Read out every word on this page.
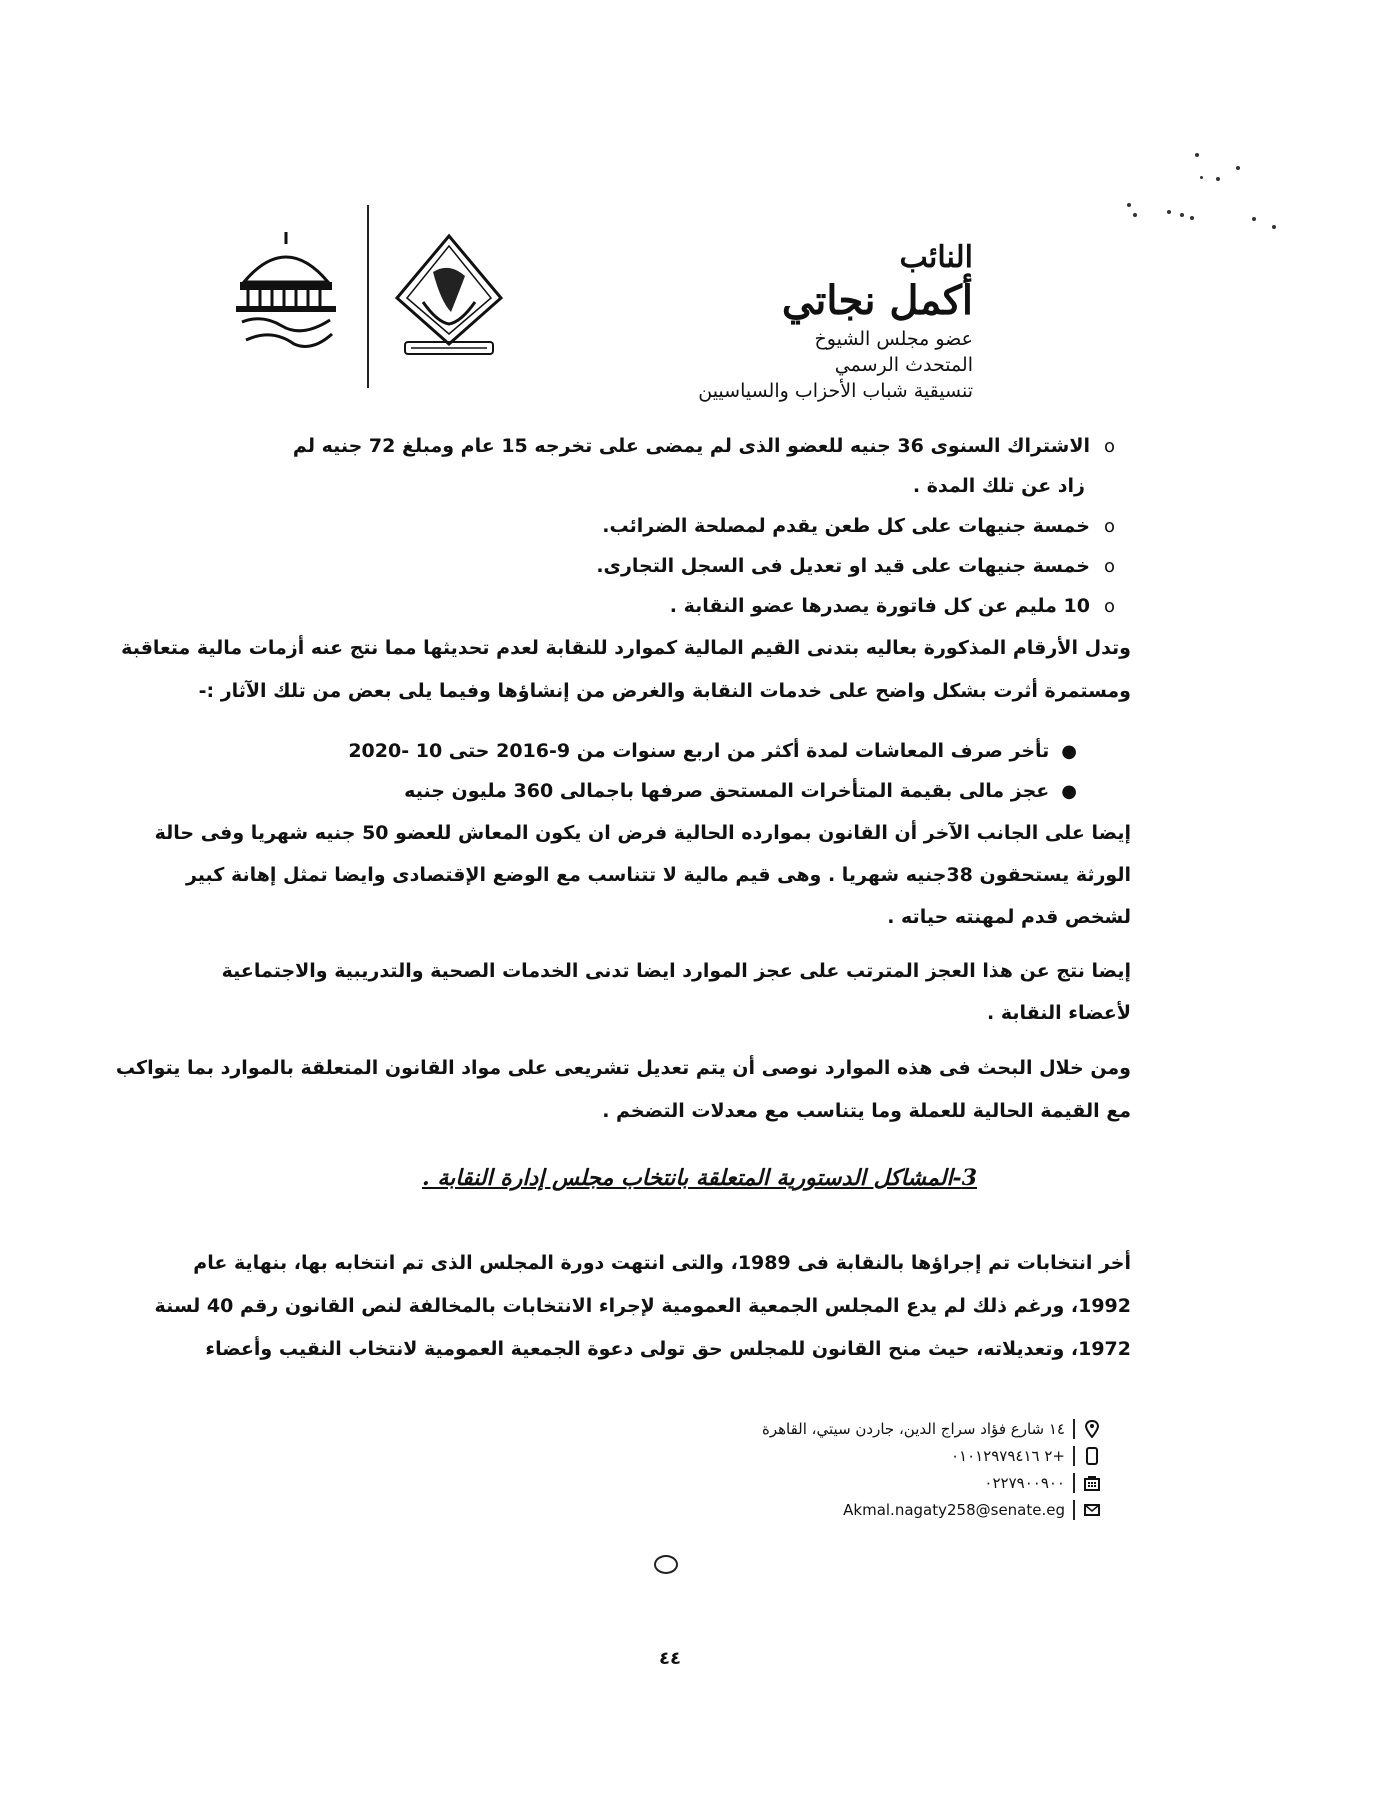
النائب
أكمل نجاتي
عضو مجلس الشيوخ
المتحدث الرسمي
تنسيقية شباب الأحزاب والسياسيين
oالاشتراك السنوى 36 جنيه للعضو الذى لم يمضى على تخرجه 15 عام ومبلغ 72 جنيه لم
زاد عن تلك المدة .
oخمسة جنيهات على كل طعن يقدم لمصلحة الضرائب.
oخمسة جنيهات على قيد او تعديل فى السجل التجارى.
o10 مليم عن كل فاتورة يصدرها عضو النقابة .
وتدل الأرقام المذكورة بعاليه بتدنى القيم المالية كموارد للنقابة لعدم تحديثها مما نتج عنه أزمات مالية متعاقبة
ومستمرة أثرت بشكل واضح على خدمات النقابة والغرض من إنشاؤها وفيما يلى بعض من تلك الآثار :-
●تأخر صرف المعاشات لمدة أكثر من اربع سنوات من 9-2016 حتى 10 -2020
●عجز مالى بقيمة المتأخرات المستحق صرفها باجمالى 360 مليون جنيه
إيضا على الجانب الآخر أن القانون بموارده الحالية فرض ان يكون المعاش للعضو 50 جنيه شهريا وفى حالة
الورثة يستحقون 38جنيه شهريا . وهى قيم مالية لا تتناسب مع الوضع الإقتصادى وايضا تمثل إهانة كبير
لشخص قدم لمهنته حياته .
إيضا نتج عن هذا العجز المترتب على عجز الموارد ايضا تدنى الخدمات الصحية والتدريبية والاجتماعية
لأعضاء النقابة .
ومن خلال البحث فى هذه الموارد نوصى أن يتم تعديل تشريعى على مواد القانون المتعلقة بالموارد بما يتواكب
مع القيمة الحالية للعملة وما يتناسب مع معدلات التضخم .
3-المشاكل الدستورية المتعلقة بانتخاب مجلس إدارة النقابة .
أخر انتخابات تم إجراؤها بالنقابة فى 1989، والتى انتهت دورة المجلس الذى تم انتخابه بها، بنهاية عام
1992، ورغم ذلك لم يدع المجلس الجمعية العمومية لإجراء الانتخابات بالمخالفة لنص القانون رقم 40 لسنة
1972، وتعديلاته، حيث منح القانون للمجلس حق تولى دعوة الجمعية العمومية لانتخاب النقيب وأعضاء
١٤ شارع فؤاد سراج الدين، جاردن سيتي، القاهرة
+٢ ٠١٠١٢٩٧٩٤١٦
٠٢٢٧٩٠٠٩٠٠
Akmal.nagaty258@senate.eg
٤٤
